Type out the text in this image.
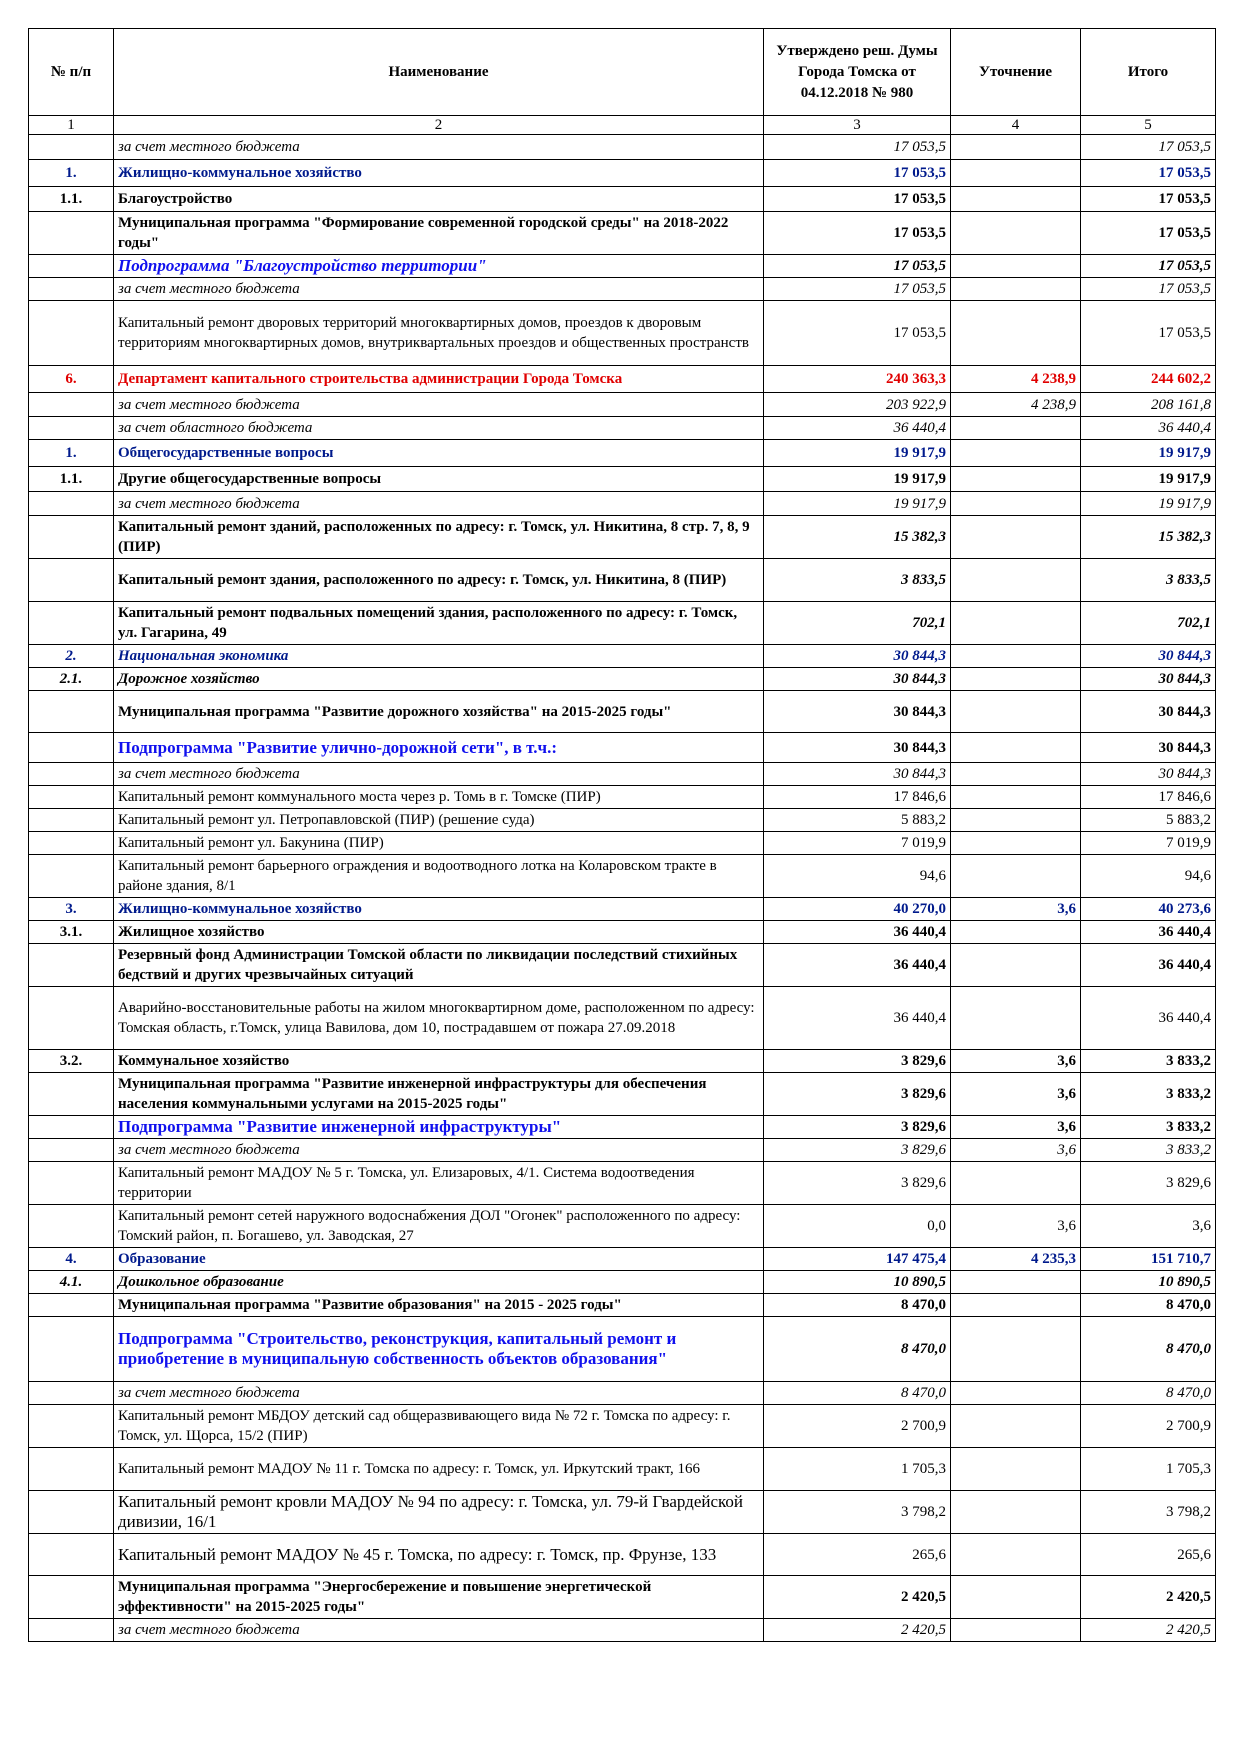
№ п/п	Наименование	Утверждено реш. Думы Города Томска от 04.12.2018 № 980	Уточнение	Итого
1	2	3	4	5
	за счет местного бюджета	17 053,5		17 053,5
1.	Жилищно-коммунальное хозяйство	17 053,5		17 053,5
1.1.	Благоустройство	17 053,5		17 053,5
	Муниципальная программа "Формирование современной городской среды" на 2018-2022 годы"	17 053,5		17 053,5
	Подпрограмма "Благоустройство территории"	17 053,5		17 053,5
	за счет местного бюджета	17 053,5		17 053,5
	Капитальный ремонт дворовых территорий многоквартирных домов, проездов к дворовым территориям многоквартирных домов, внутриквартальных проездов и общественных пространств	17 053,5		17 053,5
6.	Департамент капитального строительства администрации Города Томска	240 363,3	4 238,9	244 602,2
	за счет местного бюджета	203 922,9	4 238,9	208 161,8
	за счет областного бюджета	36 440,4		36 440,4
1.	Общегосударственные вопросы	19 917,9		19 917,9
1.1.	Другие общегосударственные вопросы	19 917,9		19 917,9
	за счет местного бюджета	19 917,9		19 917,9
	Капитальный ремонт зданий, расположенных по адресу: г. Томск, ул. Никитина, 8 стр. 7, 8, 9 (ПИР)	15 382,3		15 382,3
	Капитальный ремонт здания, расположенного по адресу: г. Томск, ул. Никитина, 8 (ПИР)	3 833,5		3 833,5
	Капитальный ремонт подвальных помещений здания, расположенного по адресу: г. Томск, ул. Гагарина, 49	702,1		702,1
2.	Национальная экономика	30 844,3		30 844,3
2.1.	Дорожное хозяйство	30 844,3		30 844,3
	Муниципальная программа "Развитие дорожного хозяйства" на 2015-2025 годы"	30 844,3		30 844,3
	Подпрограмма "Развитие улично-дорожной сети", в т.ч.:	30 844,3		30 844,3
	за счет местного бюджета	30 844,3		30 844,3
	Капитальный ремонт коммунального моста через р. Томь в г. Томске (ПИР)	17 846,6		17 846,6
	Капитальный ремонт ул. Петропавловской (ПИР) (решение суда)	5 883,2		5 883,2
	Капитальный ремонт ул. Бакунина (ПИР)	7 019,9		7 019,9
	Капитальный ремонт барьерного ограждения и водоотводного лотка на Коларовском тракте в районе здания, 8/1	94,6		94,6
3.	Жилищно-коммунальное хозяйство	40 270,0	3,6	40 273,6
3.1.	Жилищное хозяйство	36 440,4		36 440,4
	Резервный фонд Администрации Томской области по ликвидации последствий стихийных бедствий и других чрезвычайных ситуаций	36 440,4		36 440,4
	Аварийно-восстановительные работы на жилом многоквартирном доме, расположенном по адресу: Томская область, г.Томск, улица Вавилова, дом 10, пострадавшем от пожара 27.09.2018	36 440,4		36 440,4
3.2.	Коммунальное хозяйство	3 829,6	3,6	3 833,2
	Муниципальная программа "Развитие инженерной инфраструктуры для обеспечения населения коммунальными услугами на 2015-2025 годы"	3 829,6	3,6	3 833,2
	Подпрограмма "Развитие инженерной инфраструктуры"	3 829,6	3,6	3 833,2
	за счет местного бюджета	3 829,6	3,6	3 833,2
	Капитальный ремонт МАДОУ № 5 г. Томска, ул. Елизаровых, 4/1. Система водоотведения территории	3 829,6		3 829,6
	Капитальный ремонт сетей наружного водоснабжения ДОЛ "Огонек" расположенного по адресу: Томский район, п. Богашево, ул. Заводская, 27	0,0	3,6	3,6
4.	Образование	147 475,4	4 235,3	151 710,7
4.1.	Дошкольное образование	10 890,5		10 890,5
	Муниципальная программа "Развитие образования" на 2015 - 2025 годы"	8 470,0		8 470,0
	Подпрограмма "Строительство, реконструкция, капитальный ремонт и приобретение в муниципальную собственность объектов образования"	8 470,0		8 470,0
	за счет местного бюджета	8 470,0		8 470,0
	Капитальный ремонт МБДОУ детский сад общеразвивающего вида № 72 г. Томска по адресу: г. Томск, ул. Щорса, 15/2 (ПИР)	2 700,9		2 700,9
	Капитальный ремонт МАДОУ № 11 г. Томска по адресу: г. Томск, ул. Иркутский тракт, 166	1 705,3		1 705,3
	Капитальный ремонт кровли МАДОУ № 94 по адресу: г. Томска, ул. 79-й Гвардейской дивизии, 16/1	3 798,2		3 798,2
	Капитальный ремонт МАДОУ № 45 г. Томска, по адресу: г. Томск, пр. Фрунзе, 133	265,6		265,6
	Муниципальная программа "Энергосбережение и повышение энергетической эффективности" на 2015-2025 годы"	2 420,5		2 420,5
	за счет местного бюджета	2 420,5		2 420,5
